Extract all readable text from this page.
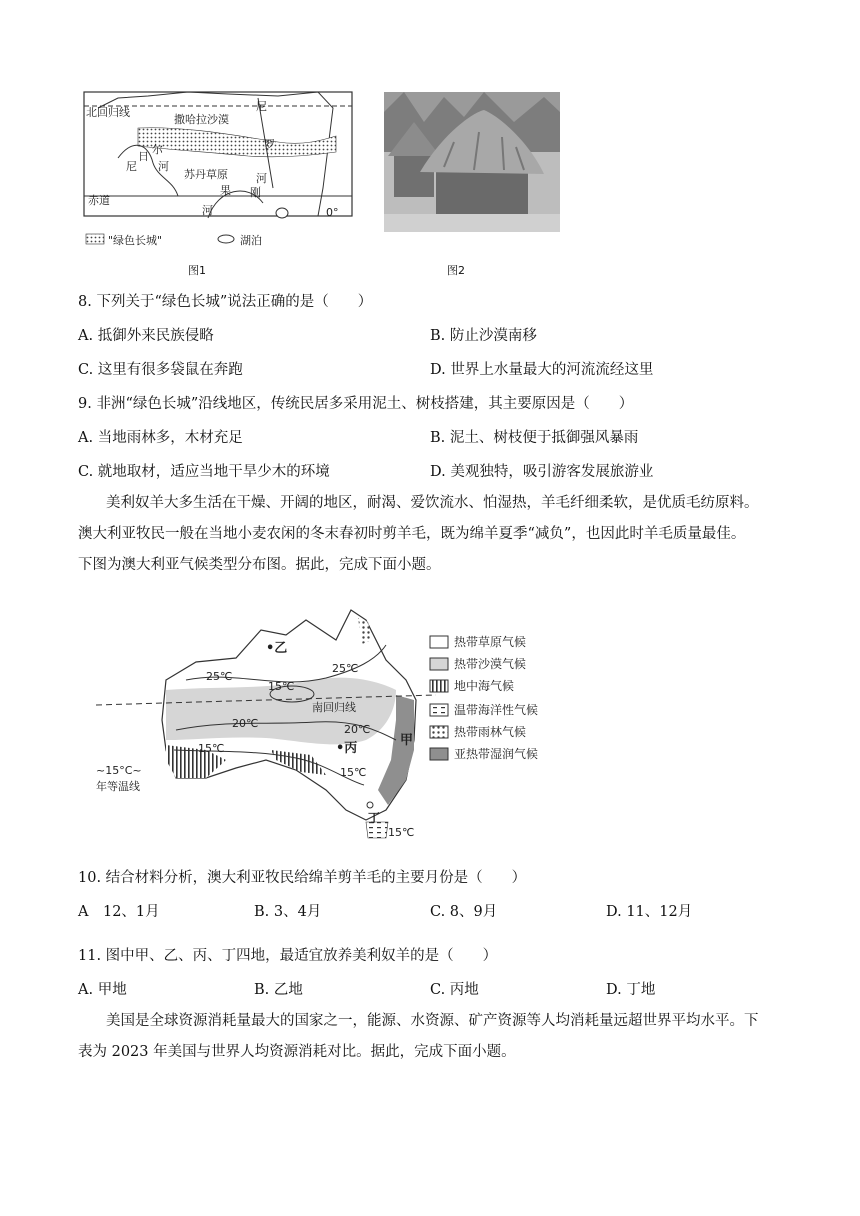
北回归线
撒哈拉沙漠
日
尼
尔
河
尼
罗
河
苏丹草原
赤道
果 刚
河	0°
"绿色长城"	湖泊
图1	图2
8. 下列关于“绿色长城”说法正确的是（　　）
A. 抵御外来民族侵略	B. 防止沙漠南移
C. 这里有很多袋鼠在奔跑	D. 世界上水量最大的河流流经这里
9. 非洲“绿色长城”沿线地区，传统民居多采用泥土、树枝搭建，其主要原因是（　　）
A. 当地雨林多，木材充足	B. 泥土、树枝便于抵御强风暴雨
C. 就地取材，适应当地干旱少木的环境	D. 美观独特，吸引游客发展旅游业
美利奴羊大多生活在干燥、开阔的地区，耐渴、爱饮流水、怕湿热，羊毛纤细柔软，是优质毛纺原料。
澳大利亚牧民一般在当地小麦农闲的冬末春初时剪羊毛，既为绵羊夏季“减负”，也因此时羊毛质量最佳。
下图为澳大利亚气候类型分布图。据此，完成下面小题。
•乙
•丙
甲
丁
25℃
25℃
15℃
20℃	20℃
15℃
15℃
15℃
南回归线
~15°C~
年等温线
热带草原气候
热带沙漠气候
地中海气候
温带海洋性气候
热带雨林气候
亚热带湿润气候
10. 结合材料分析，澳大利亚牧民给绵羊剪羊毛的主要月份是（　　）
A　12、1月	B. 3、4月	C. 8、9月	D. 11、12月
11. 图中甲、乙、丙、丁四地，最适宜放养美利奴羊的是（　　）
A. 甲地	B. 乙地	C. 丙地	D. 丁地
美国是全球资源消耗量最大的国家之一，能源、水资源、矿产资源等人均消耗量远超世界平均水平。下
表为 2023 年美国与世界人均资源消耗对比。据此，完成下面小题。
